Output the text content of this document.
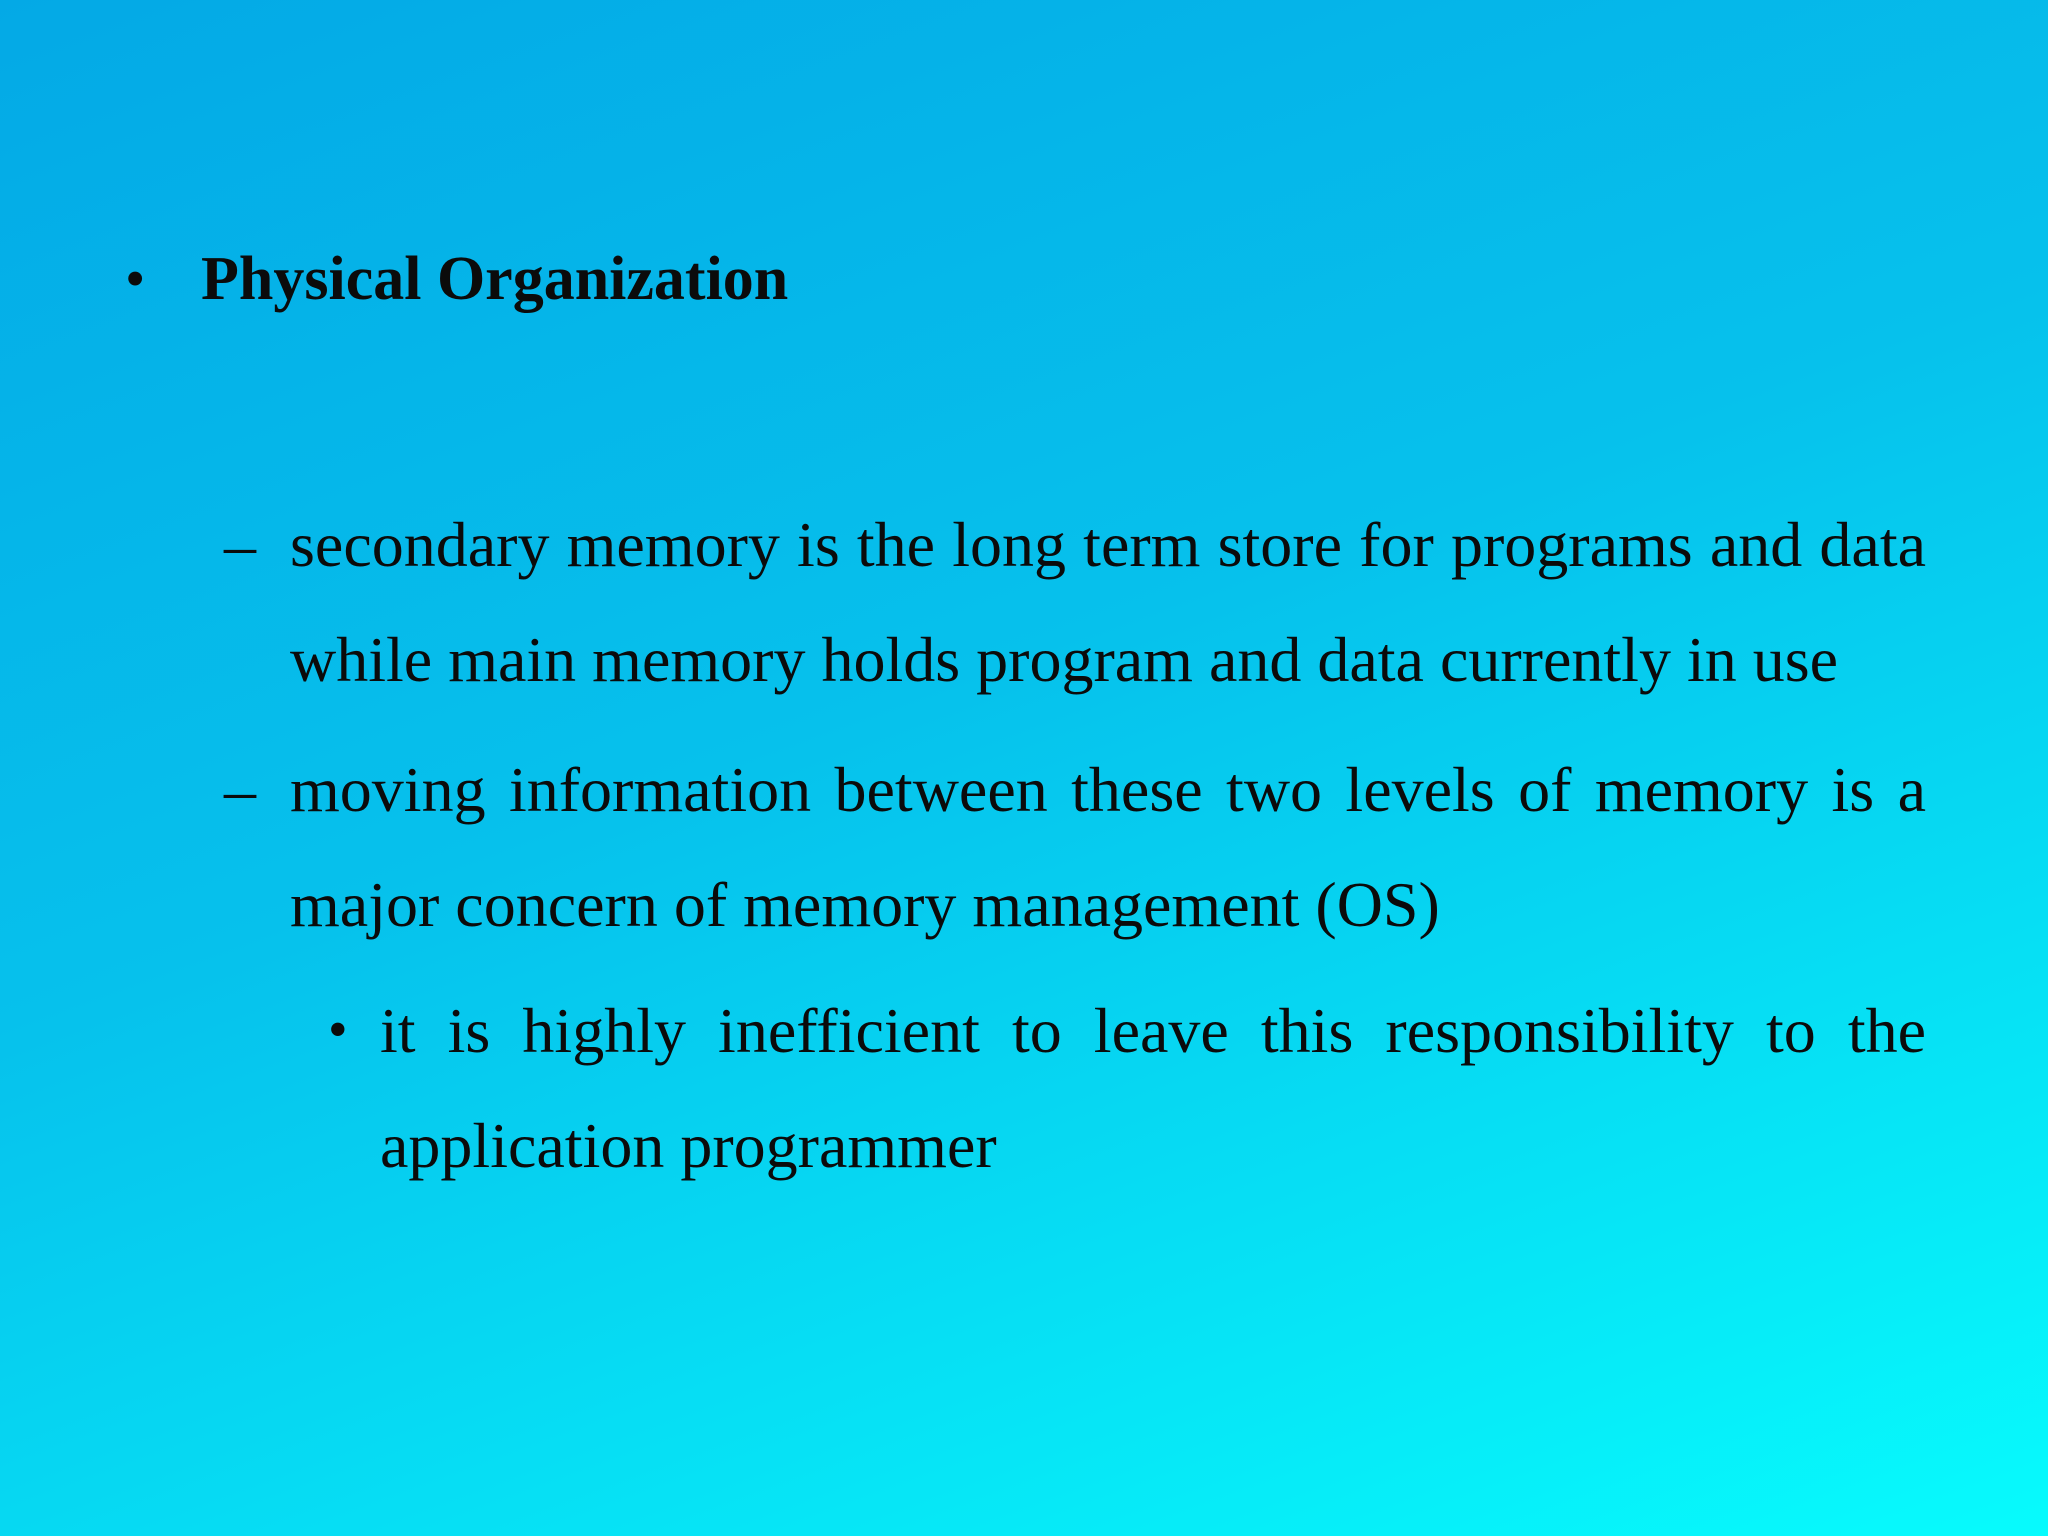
• Physical Organization
– secondary memory is the long term store for programs and data while main memory holds program and data currently in use
– moving information between these two levels of memory is a major concern of memory management (OS)
• it is highly inefficient to leave this responsibility to the application programmer
